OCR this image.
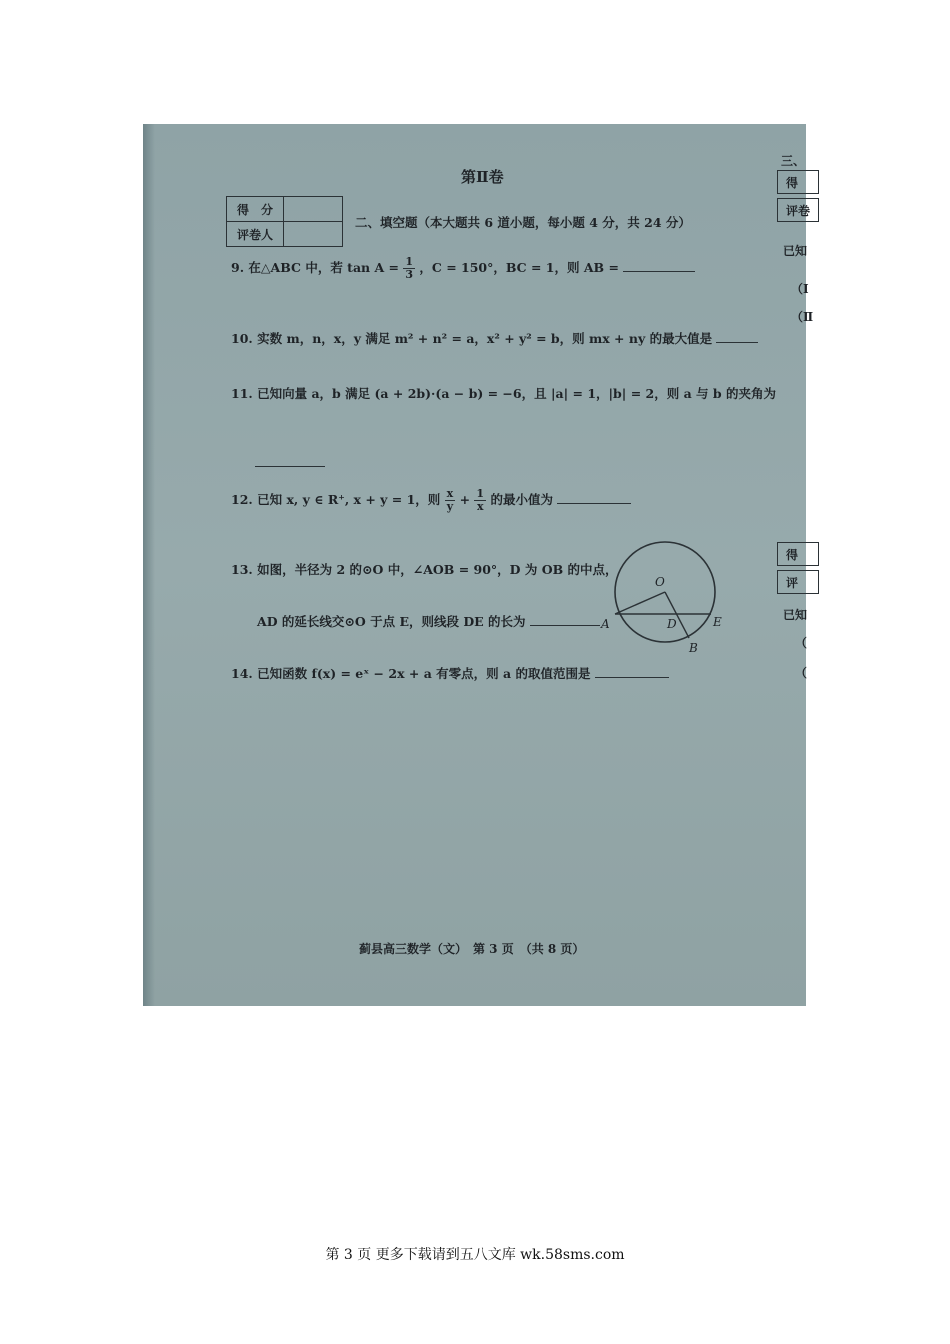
第Ⅱ卷
得　分	
评卷人	
二、填空题（本大题共 6 道小题，每小题 4 分，共 24 分）
9. 在△ABC 中，若 $\tan A = \frac{1}{3}$ ，C = 150°，BC = 1，则 AB =
10. 实数 m，n，x，y 满足 m² + n² = a，x² + y² = b，则 mx + ny 的最大值是
11. 已知向量 a，b 满足 (a + 2b)·(a − b) = −6，且 |a| = 1，|b| = 2，则 a 与 b 的夹角为
12. 已知 x, y ∈ R⁺, x + y = 1，则 $\frac{x}{y} + \frac{1}{x}$ 的最小值为
13. 如图，半径为 2 的⊙O 中，∠AOB = 90°，D 为 OB 的中点，
AD 的延长线交⊙O 于点 E，则线段 DE 的长为
O
A	D	E
B
14. 已知函数 f(x) = eˣ − 2x + a 有零点，则 a 的取值范围是
蓟县高三数学（文）　第 3 页　（共 8 页）
三、
得
评卷
已知
（Ⅰ
（Ⅱ
得
评
已知
（
（
第 3 页 更多下载请到五八文库 wk.58sms.com
